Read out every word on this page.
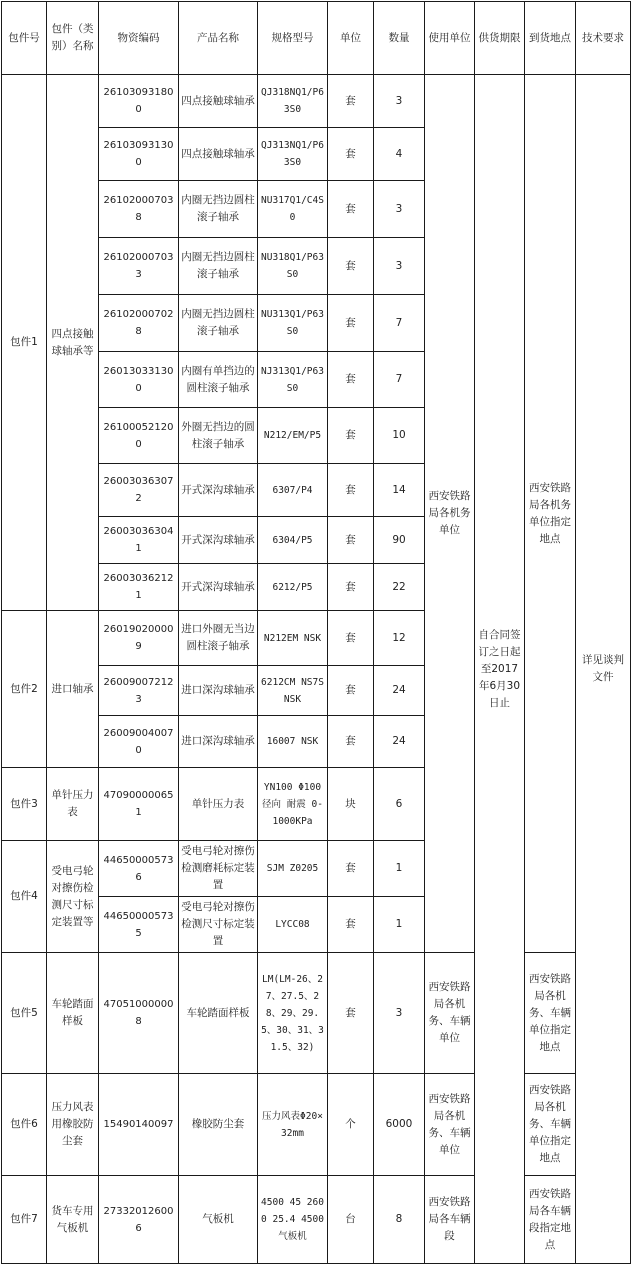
包件号	包件（类别）名称	物资编码	产品名称	规格型号	单位	数量	使用单位	供货期限	到货地点	技术要求
包件1	四点接触球轴承等	261030931800	四点接触球轴承	QJ318NQ1/P63S0	套	3	西安铁路局各机务单位	自合同签订之日起至2017年6月30日止	西安铁路局各机务单位指定地点	详见谈判文件
		261030931300	四点接触球轴承	QJ313NQ1/P63S0	套	4				
		261020007038	内圈无挡边圆柱滚子轴承	NU317Q1/C4S0	套	3				
		261020007033	内圈无挡边圆柱滚子轴承	NU318Q1/P63S0	套	3				
		261020007028	内圈无挡边圆柱滚子轴承	NU313Q1/P63S0	套	7				
		260130331300	内圈有单挡边的圆柱滚子轴承	NJ313Q1/P63S0	套	7				
		261000521200	外圈无挡边的圆柱滚子轴承	N212/EM/P5	套	10				
		260030363072	开式深沟球轴承	6307/P4	套	14				
		260030363041	开式深沟球轴承	6304/P5	套	90				
		260030362121	开式深沟球轴承	6212/P5	套	22				
包件2	进口轴承	260190200009	进口外圈无当边圆柱滚子轴承	N212EM NSK	套	12				
		260090072123	进口深沟球轴承	6212CM NS7S NSK	套	24				
		260090040070	进口深沟球轴承	16007 NSK	套	24				
包件3	单针压力表	470900000651	单针压力表	YN100 Φ100 径向 耐震 0-1000KPa	块	6				
包件4	受电弓轮对擦伤检测尺寸标定装置等	446500005736	受电弓轮对擦伤检测磨耗标定装置	SJM Z0205	套	1				
		446500005735	受电弓轮对擦伤检测尺寸标定装置	LYCC08	套	1				
包件5	车轮踏面样板	470510000008	车轮踏面样板	LM(LM-26、27、27.5、28、29、29.5、30、31、31.5、32)	套	3	西安铁路局各机务、车辆单位		西安铁路局各机务、车辆单位指定地点	
包件6	压力风表用橡胶防尘套	15490140097	橡胶防尘套	压力风表Φ20×32mm	个	6000	西安铁路局各机务、车辆单位		西安铁路局各机务、车辆单位指定地点	
包件7	货车专用气板机	273320126006	气板机	4500 45 2600 25.4 4500 气板机	台	8	西安铁路局各车辆段		西安铁路局各车辆段指定地点	
